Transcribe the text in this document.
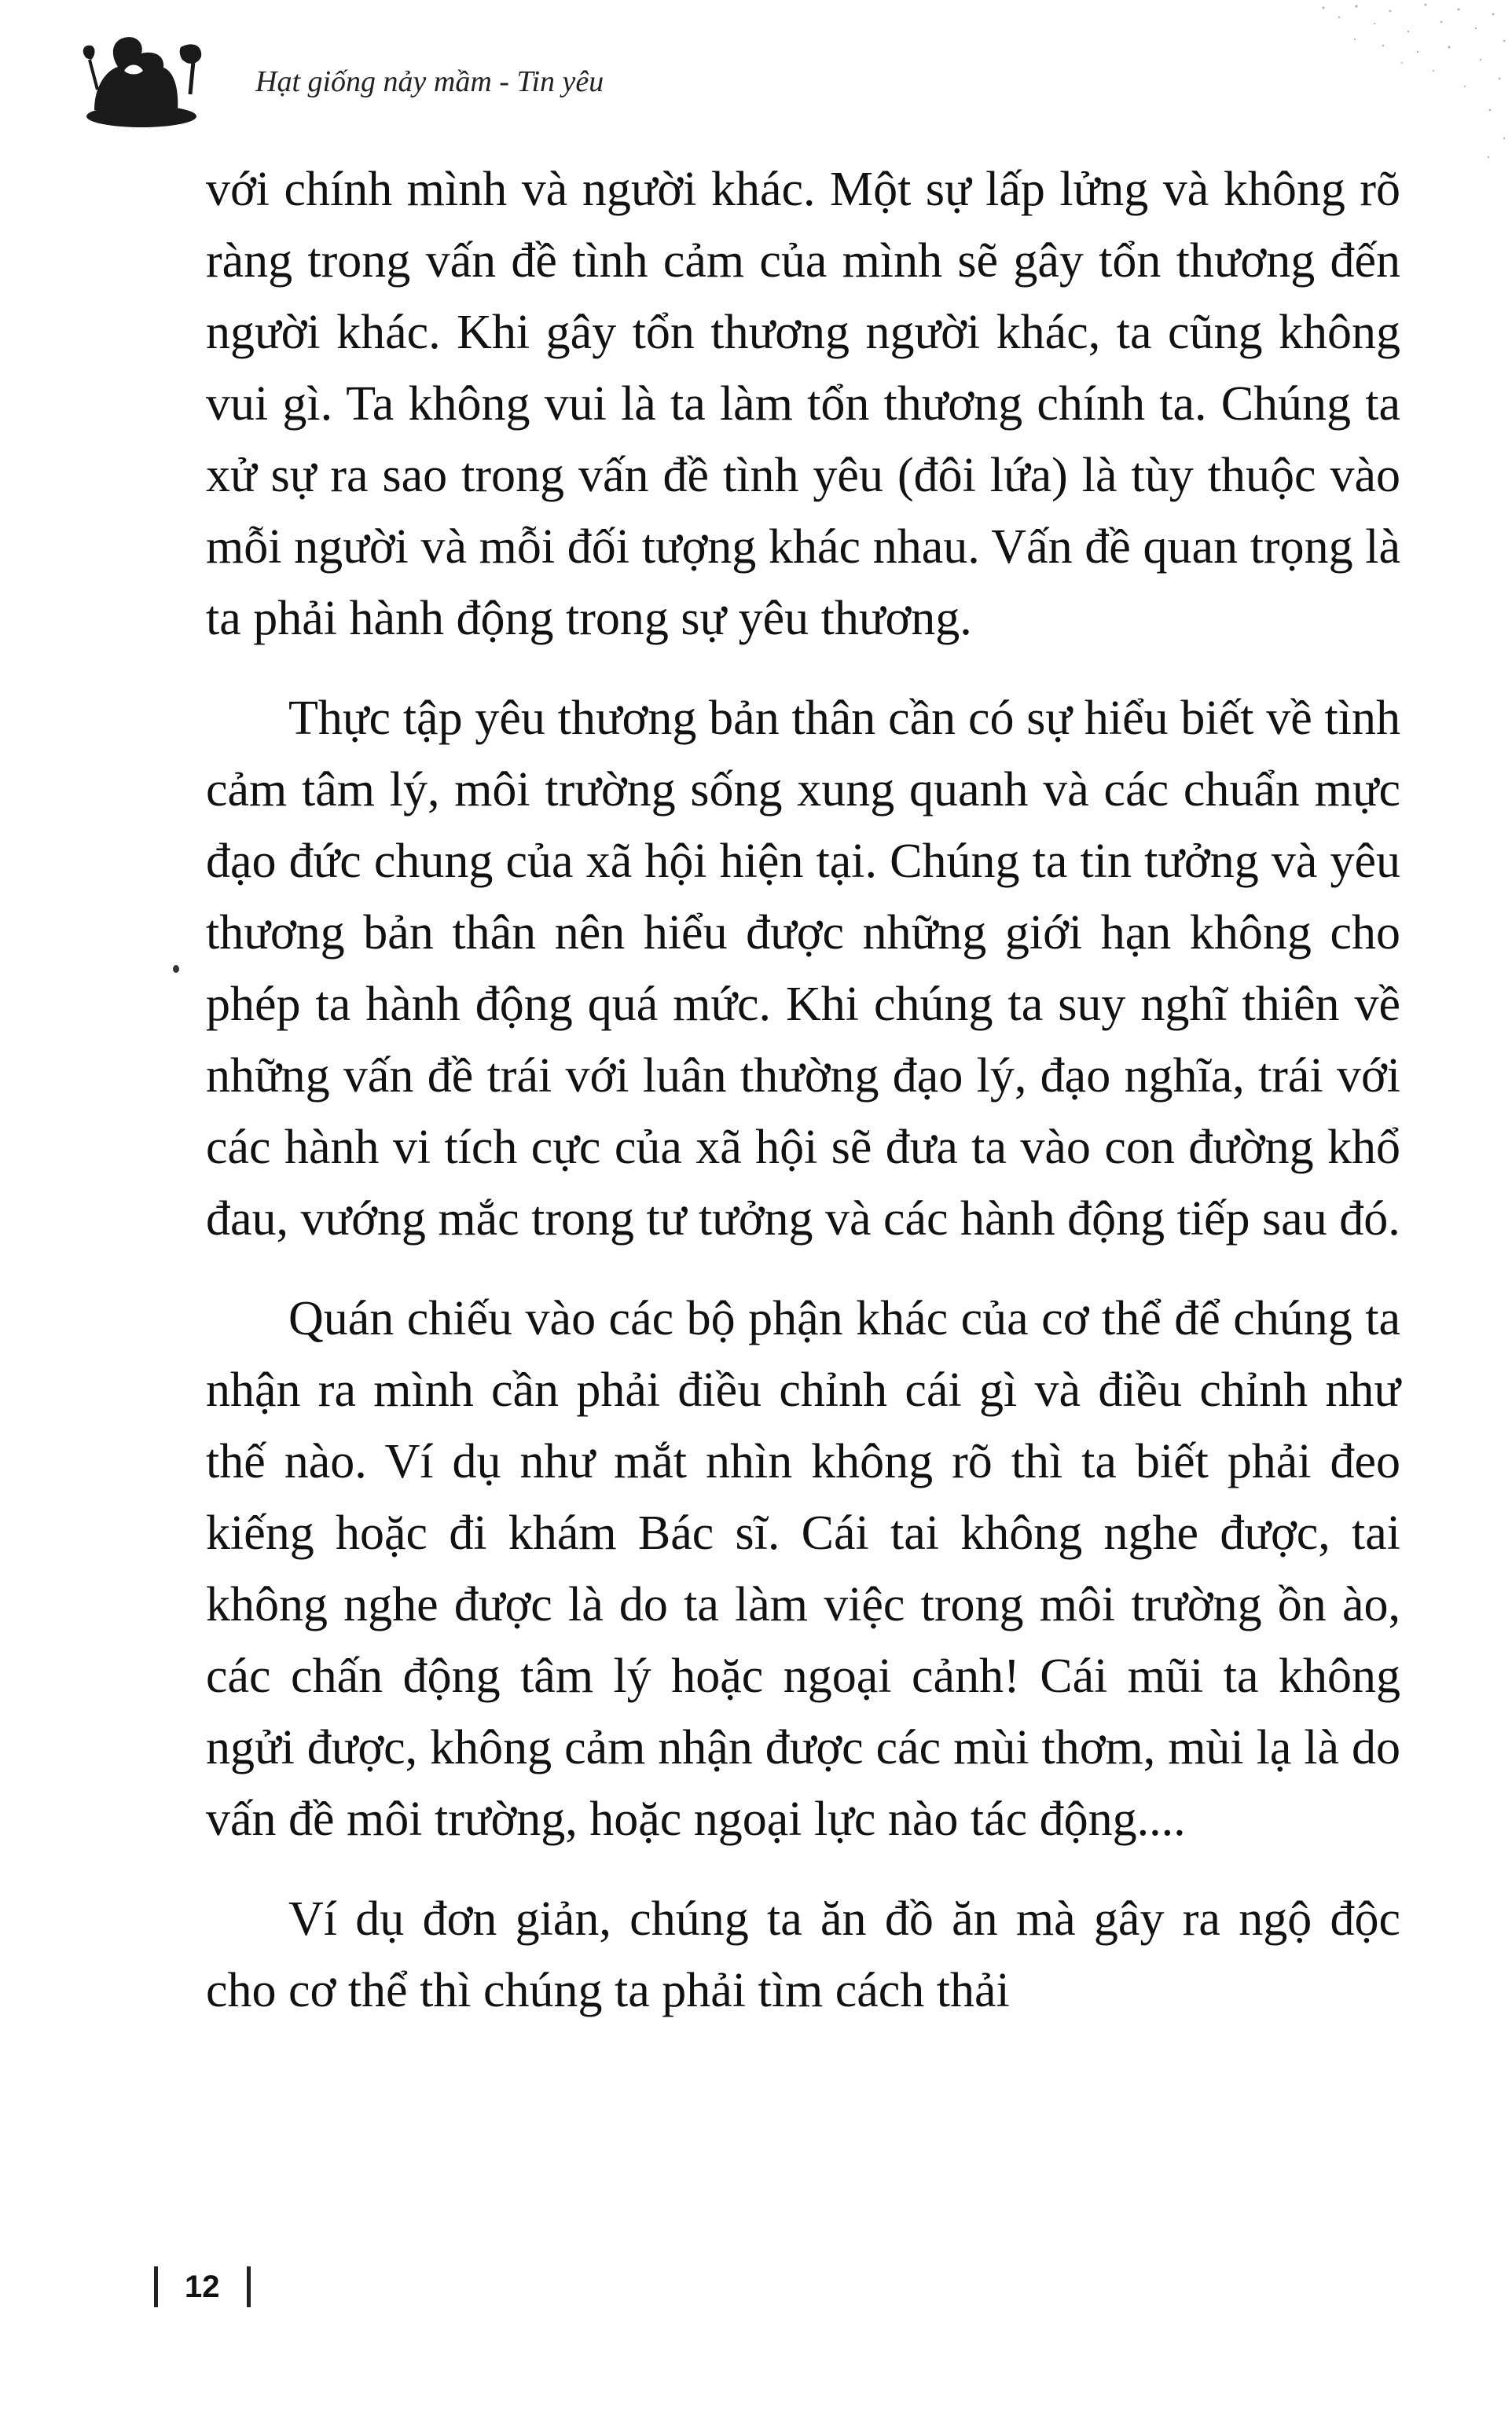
Hạt giống nảy mầm - Tin yêu

với chính mình và người khác. Một sự lấp lửng và không rõ ràng trong vấn đề tình cảm của mình sẽ gây tổn thương đến người khác. Khi gây tổn thương người khác, ta cũng không vui gì. Ta không vui là ta làm tổn thương chính ta. Chúng ta xử sự ra sao trong vấn đề tình yêu (đôi lứa) là tùy thuộc vào mỗi người và mỗi đối tượng khác nhau. Vấn đề quan trọng là ta phải hành động trong sự yêu thương.

Thực tập yêu thương bản thân cần có sự hiểu biết về tình cảm tâm lý, môi trường sống xung quanh và các chuẩn mực đạo đức chung của xã hội hiện tại. Chúng ta tin tưởng và yêu thương bản thân nên hiểu được những giới hạn không cho phép ta hành động quá mức. Khi chúng ta suy nghĩ thiên về những vấn đề trái với luân thường đạo lý, đạo nghĩa, trái với các hành vi tích cực của xã hội sẽ đưa ta vào con đường khổ đau, vướng mắc trong tư tưởng và các hành động tiếp sau đó.

Quán chiếu vào các bộ phận khác của cơ thể để chúng ta nhận ra mình cần phải điều chỉnh cái gì và điều chỉnh như thế nào. Ví dụ như mắt nhìn không rõ thì ta biết phải đeo kiếng hoặc đi khám Bác sĩ. Cái tai không nghe được, tai không nghe được là do ta làm việc trong môi trường ồn ào, các chấn động tâm lý hoặc ngoại cảnh! Cái mũi ta không ngửi được, không cảm nhận được các mùi thơm, mùi lạ là do vấn đề môi trường, hoặc ngoại lực nào tác động....

Ví dụ đơn giản, chúng ta ăn đồ ăn mà gây ra ngộ độc cho cơ thể thì chúng ta phải tìm cách thải

12
